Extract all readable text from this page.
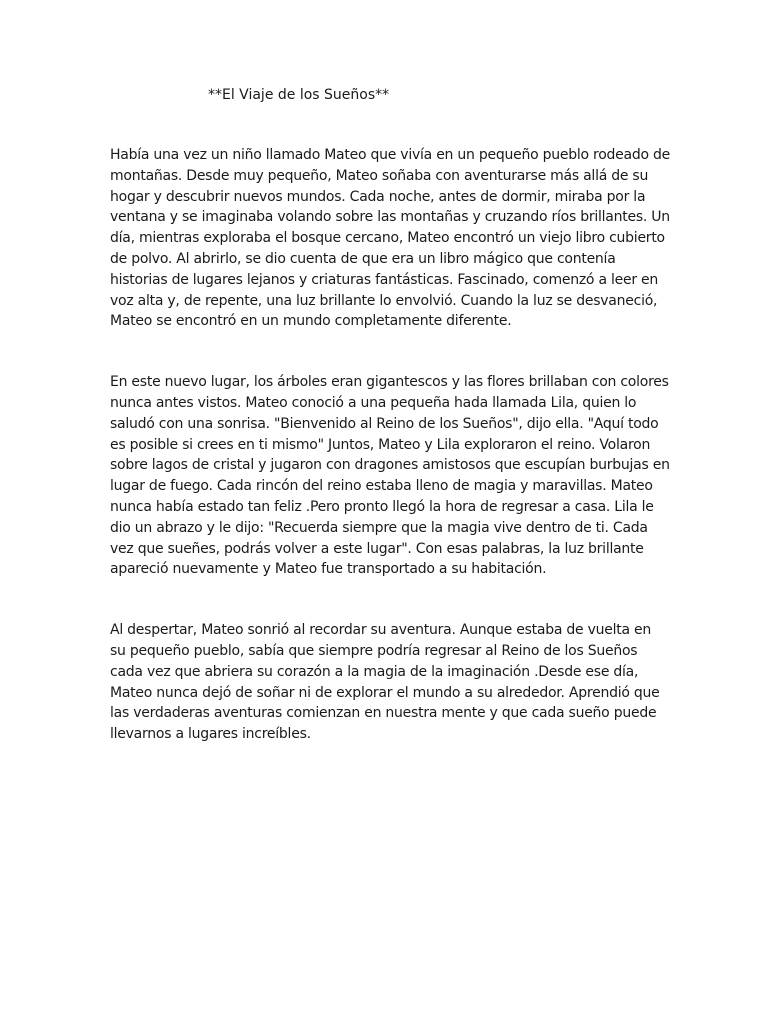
**El Viaje de los Sueños**

Había una vez un niño llamado Mateo que vivía en un pequeño pueblo rodeado de montañas. Desde muy pequeño, Mateo soñaba con aventurarse más allá de su hogar y descubrir nuevos mundos. Cada noche, antes de dormir, miraba por la ventana y se imaginaba volando sobre las montañas y cruzando ríos brillantes. Un día, mientras exploraba el bosque cercano, Mateo encontró un viejo libro cubierto de polvo. Al abrirlo, se dio cuenta de que era un libro mágico que contenía historias de lugares lejanos y criaturas fantásticas. Fascinado, comenzó a leer en voz alta y, de repente, una luz brillante lo envolvió. Cuando la luz se desvaneció, Mateo se encontró en un mundo completamente diferente.

En este nuevo lugar, los árboles eran gigantescos y las flores brillaban con colores nunca antes vistos. Mateo conoció a una pequeña hada llamada Lila, quien lo saludó con una sonrisa. "Bienvenido al Reino de los Sueños", dijo ella. "Aquí todo es posible si crees en ti mismo" Juntos, Mateo y Lila exploraron el reino. Volaron sobre lagos de cristal y jugaron con dragones amistosos que escupían burbujas en lugar de fuego. Cada rincón del reino estaba lleno de magia y maravillas. Mateo nunca había estado tan feliz .Pero pronto llegó la hora de regresar a casa. Lila le dio un abrazo y le dijo: "Recuerda siempre que la magia vive dentro de ti. Cada vez que sueñes, podrás volver a este lugar". Con esas palabras, la luz brillante apareció nuevamente y Mateo fue transportado a su habitación.

Al despertar, Mateo sonrió al recordar su aventura. Aunque estaba de vuelta en su pequeño pueblo, sabía que siempre podría regresar al Reino de los Sueños cada vez que abriera su corazón a la magia de la imaginación .Desde ese día, Mateo nunca dejó de soñar ni de explorar el mundo a su alrededor. Aprendió que las verdaderas aventuras comienzan en nuestra mente y que cada sueño puede llevarnos a lugares increíbles.
